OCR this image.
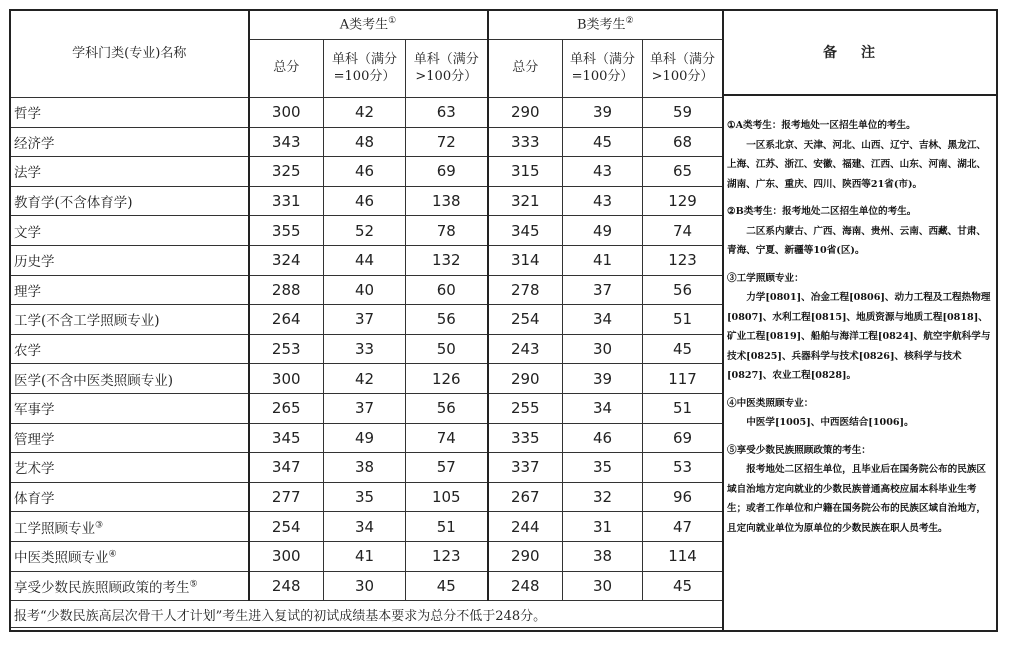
学科门类(专业)名称	A类考生①			B类考生②
	总分	单科（满分=100分）	单科（满分>100分）	总分	单科（满分=100分）	单科（满分>100分）
哲学	300	42	63	290	39	59
经济学	343	48	72	333	45	68
法学	325	46	69	315	43	65
教育学(不含体育学)	331	46	138	321	43	129
文学	355	52	78	345	49	74
历史学	324	44	132	314	41	123
理学	288	40	60	278	37	56
工学(不含工学照顾专业)	264	37	56	254	34	51
农学	253	33	50	243	30	45
医学(不含中医类照顾专业)	300	42	126	290	39	117
军事学	265	37	56	255	34	51
管理学	345	49	74	335	46	69
艺术学	347	38	57	337	35	53
体育学	277	35	105	267	32	96
工学照顾专业③	254	34	51	244	31	47
中医类照顾专业④	300	41	123	290	38	114
享受少数民族照顾政策的考生⑤	248	30	45	248	30	45
报考“少数民族高层次骨干人才计划”考生进入复试的初试成绩基本要求为总分不低于248分。						
备注

①A类考生：报考地处一区招生单位的考生。

一区系北京、天津、河北、山西、辽宁、吉林、黑龙江、上海、江苏、浙江、安徽、福建、江西、山东、河南、湖北、湖南、广东、重庆、四川、陕西等21省(市)。

②B类考生：报考地处二区招生单位的考生。

二区系内蒙古、广西、海南、贵州、云南、西藏、甘肃、青海、宁夏、新疆等10省(区)。

③工学照顾专业：

力学[0801]、冶金工程[0806]、动力工程及工程热物理[0807]、水利工程[0815]、地质资源与地质工程[0818]、矿业工程[0819]、船舶与海洋工程[0824]、航空宇航科学与技术[0825]、兵器科学与技术[0826]、核科学与技术[0827]、农业工程[0828]。

④中医类照顾专业：

中医学[1005]、中西医结合[1006]。

⑤享受少数民族照顾政策的考生：

报考地处二区招生单位，且毕业后在国务院公布的民族区域自治地方定向就业的少数民族普通高校应届本科毕业生考生；或者工作单位和户籍在国务院公布的民族区域自治地方，且定向就业单位为原单位的少数民族在职人员考生。
